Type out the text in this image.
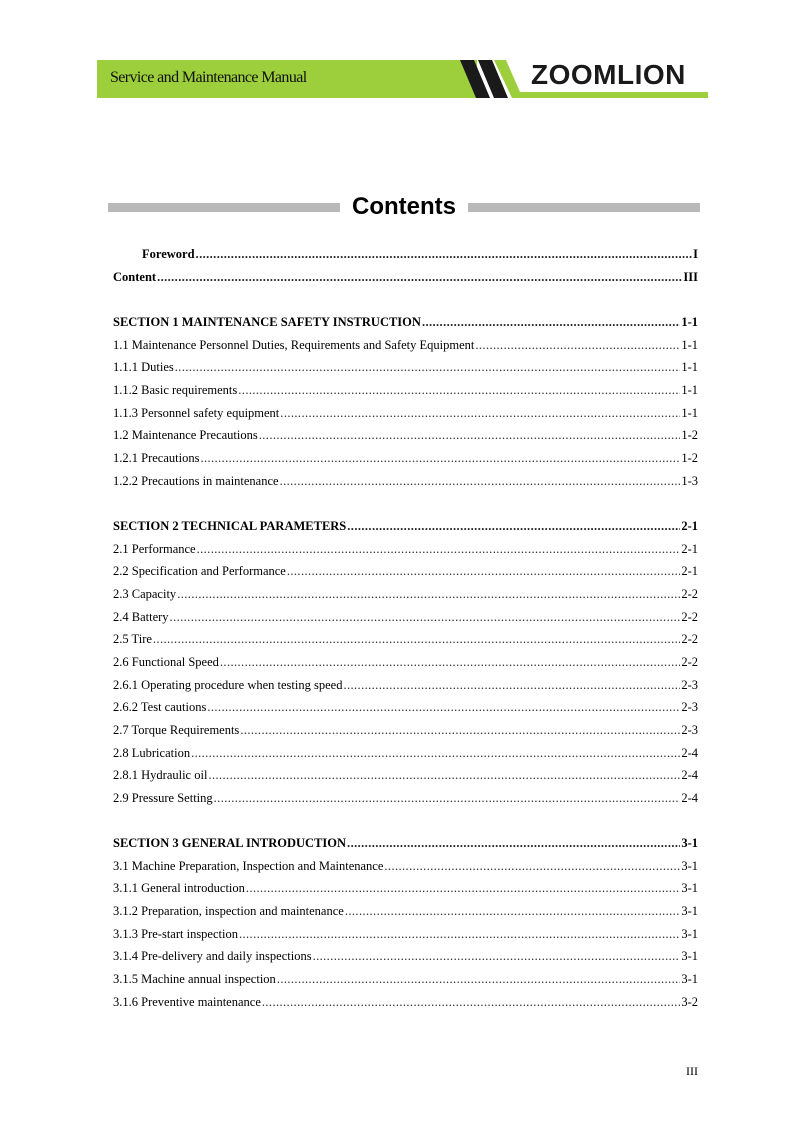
Service and Maintenance Manual	ZOOMLION
Contents
Foreword .....	I
Content .....	III
SECTION 1 MAINTENANCE SAFETY INSTRUCTION .....	1-1
1.1 Maintenance Personnel Duties, Requirements and Safety Equipment .....	1-1
1.1.1 Duties .....	1-1
1.1.2 Basic requirements .....	1-1
1.1.3 Personnel safety equipment .....	1-1
1.2 Maintenance Precautions .....	1-2
1.2.1 Precautions .....	1-2
1.2.2 Precautions in maintenance .....	1-3
SECTION 2 TECHNICAL PARAMETERS .....	2-1
2.1 Performance .....	2-1
2.2 Specification and Performance .....	2-1
2.3 Capacity .....	2-2
2.4 Battery .....	2-2
2.5 Tire .....	2-2
2.6 Functional Speed .....	2-2
2.6.1 Operating procedure when testing speed .....	2-3
2.6.2 Test cautions .....	2-3
2.7 Torque Requirements .....	2-3
2.8 Lubrication .....	2-4
2.8.1 Hydraulic oil .....	2-4
2.9 Pressure Setting .....	2-4
SECTION 3 GENERAL INTRODUCTION .....	3-1
3.1 Machine Preparation, Inspection and Maintenance .....	3-1
3.1.1 General introduction .....	3-1
3.1.2 Preparation, inspection and maintenance .....	3-1
3.1.3 Pre-start inspection .....	3-1
3.1.4 Pre-delivery and daily inspections .....	3-1
3.1.5 Machine annual inspection .....	3-1
3.1.6 Preventive maintenance .....	3-2
III
